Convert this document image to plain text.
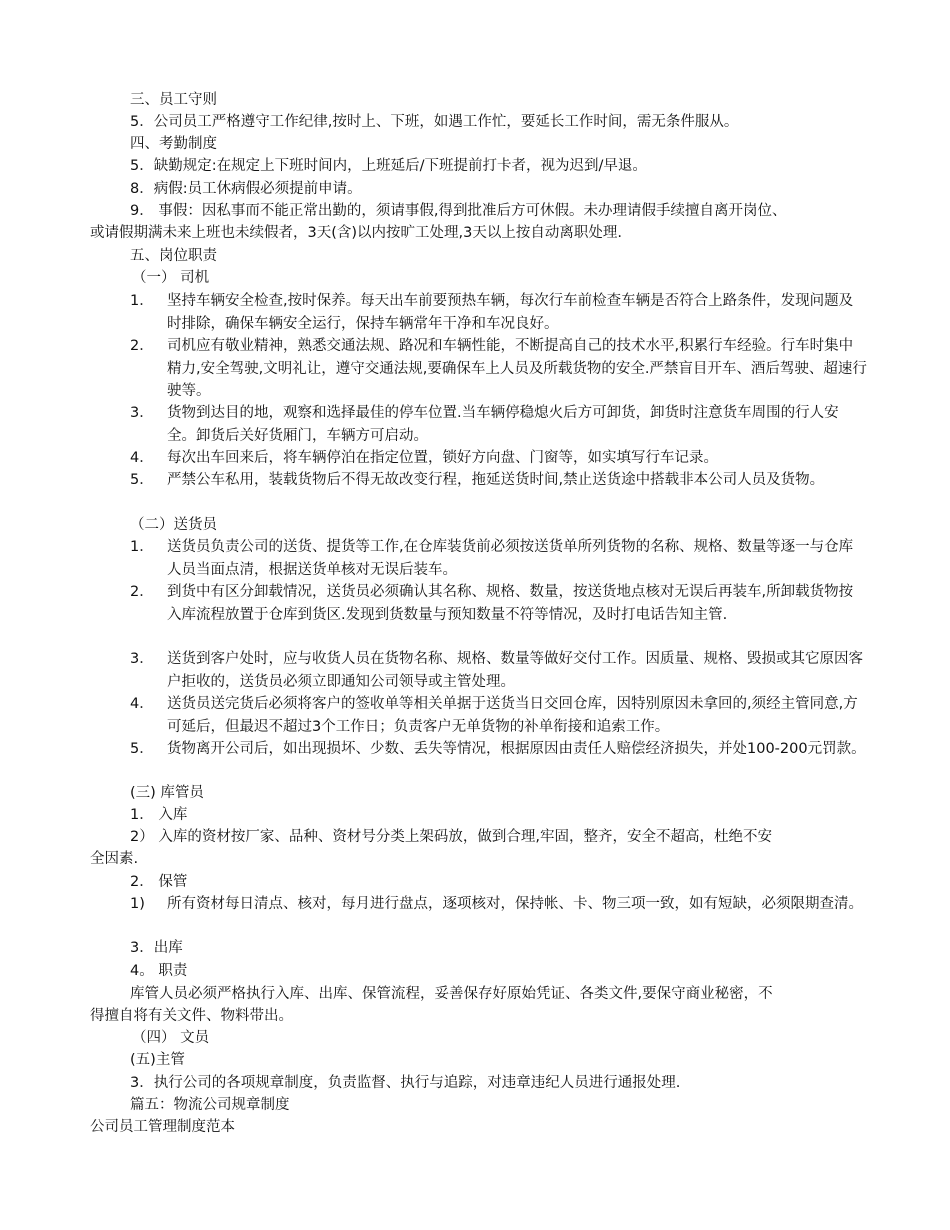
三、员工守则
5．公司员工严格遵守工作纪律,按时上、下班，如遇工作忙，要延长工作时间，需无条件服从。
四、考勤制度
5．缺勤规定:在规定上下班时间内，上班延后/下班提前打卡者，视为迟到/早退。
8．病假:员工休病假必须提前申请。
9． 事假：因私事而不能正常出勤的，须请事假,得到批准后方可休假。未办理请假手续擅自离开岗位、
或请假期满未来上班也未续假者，3天(含)以内按旷工处理,3天以上按自动离职处理.
五、岗位职责
（一） 司机
1． 坚持车辆安全检查,按时保养。每天出车前要预热车辆，每次行车前检查车辆是否符合上路条件，发现问题及时排除，确保车辆安全运行，保持车辆常年干净和车况良好。
2． 司机应有敬业精神，熟悉交通法规、路况和车辆性能，不断提高自己的技术水平,积累行车经验。行车时集中精力,安全驾驶,文明礼让，遵守交通法规,要确保车上人员及所载货物的安全.严禁盲目开车、酒后驾驶、超速行驶等。
3． 货物到达目的地，观察和选择最佳的停车位置.当车辆停稳熄火后方可卸货，卸货时注意货车周围的行人安全。卸货后关好货厢门，车辆方可启动。
4． 每次出车回来后，将车辆停泊在指定位置，锁好方向盘、门窗等，如实填写行车记录。
5． 严禁公车私用，装载货物后不得无故改变行程，拖延送货时间,禁止送货途中搭载非本公司人员及货物。
（二）送货员
1． 送货员负责公司的送货、提货等工作,在仓库装货前必须按送货单所列货物的名称、规格、数量等逐一与仓库人员当面点清，根据送货单核对无误后装车。
2． 到货中有区分卸载情况，送货员必须确认其名称、规格、数量，按送货地点核对无误后再装车,所卸载货物按入库流程放置于仓库到货区.发现到货数量与预知数量不符等情况，及时打电话告知主管.
3． 送货到客户处时，应与收货人员在货物名称、规格、数量等做好交付工作。因质量、规格、毁损或其它原因客户拒收的，送货员必须立即通知公司领导或主管处理。
4． 送货员送完货后必须将客户的签收单等相关单据于送货当日交回仓库，因特别原因未拿回的,须经主管同意,方可延后，但最迟不超过3个工作日；负责客户无单货物的补单衔接和追索工作。
5． 货物离开公司后，如出现损坏、少数、丢失等情况，根据原因由责任人赔偿经济损失，并处100-200元罚款。
(三) 库管员
1． 入库
2） 入库的资材按厂家、品种、资材号分类上架码放，做到合理,牢固，整齐，安全不超高，杜绝不安
全因素.
2． 保管
1) 所有资材每日清点、核对，每月进行盘点，逐项核对，保持帐、卡、物三项一致，如有短缺，必须限期查清。
3．出库
4。 职责
库管人员必须严格执行入库、出库、保管流程，妥善保存好原始凭证、各类文件,要保守商业秘密，不
得擅自将有关文件、物料带出。
（四） 文员
(五)主管
3．执行公司的各项规章制度，负责监督、执行与追踪，对违章违纪人员进行通报处理.
篇五：物流公司规章制度
公司员工管理制度范本
